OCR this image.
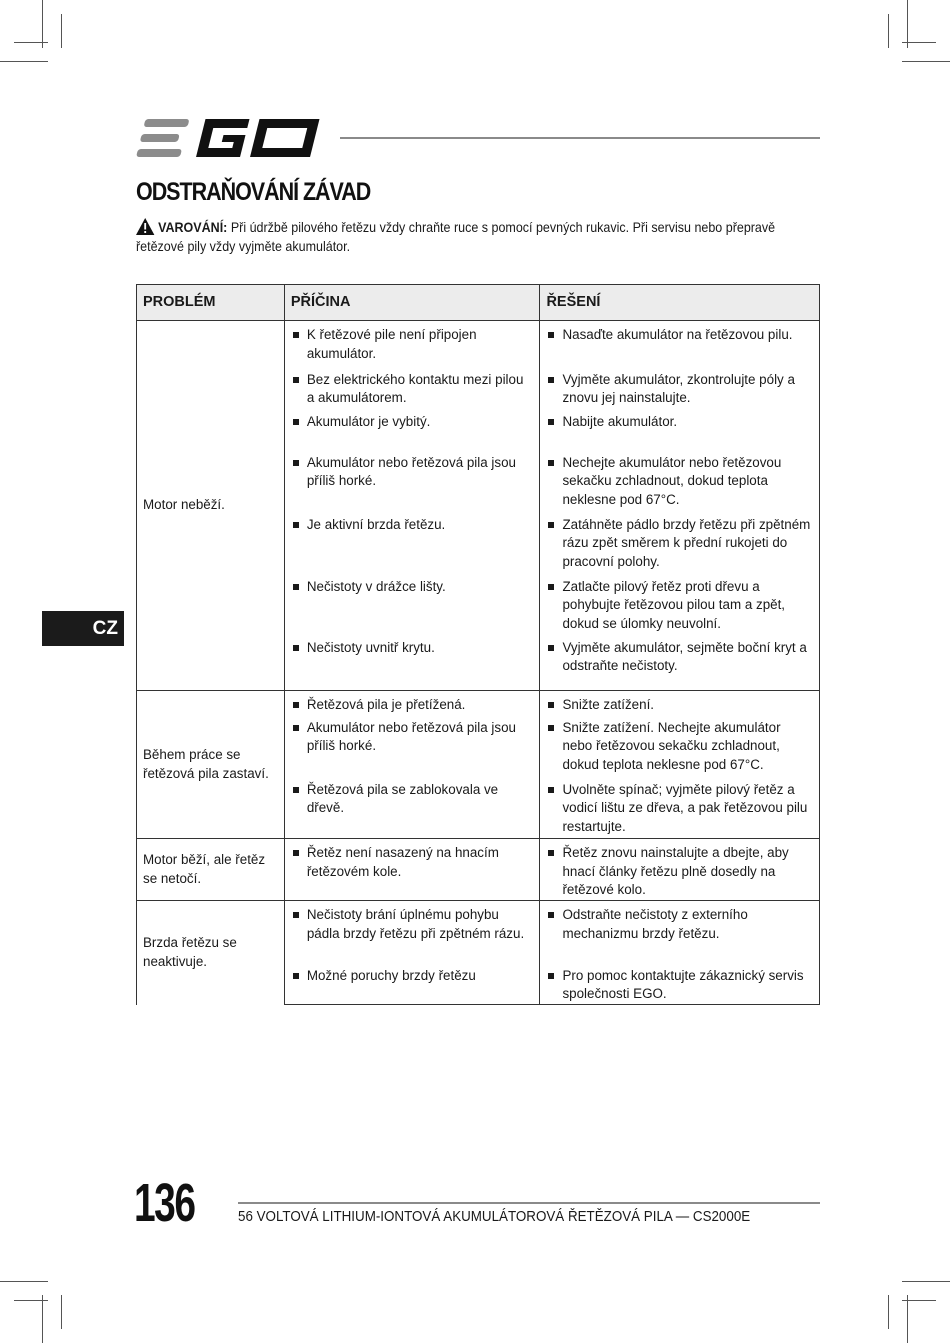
ODSTRAŇOVÁNÍ ZÁVAD
VAROVÁNÍ: Při údržbě pilového řetězu vždy chraňte ruce s pomocí pevných rukavic. Při servisu nebo přepravě řetězové pily vždy vyjměte akumulátor.
CZ
PROBLÉM	PŘÍČINA	ŘEŠENÍ
Motor neběží.	K řetězové pile není připojen akumulátor.	Nasaďte akumulátor na řetězovou pilu.

Bez elektrického kontaktu mezi pilou a akumulátorem.	Vyjměte akumulátor, zkontrolujte póly a znovu jej nainstalujte.

Akumulátor je vybitý.	Nabijte akumulátor.

Akumulátor nebo řetězová pila jsou příliš horké.	Nechejte akumulátor nebo řetězovou sekačku zchladnout, dokud teplota neklesne pod 67°C.

Je aktivní brzda řetězu.	Zatáhněte pádlo brzdy řetězu při zpětném rázu zpět směrem k přední rukojeti do pracovní polohy.

Nečistoty v drážce lišty.	Zatlačte pilový řetěz proti dřevu a pohybujte řetězovou pilou tam a zpět, dokud se úlomky neuvolní.

Nečistoty uvnitř krytu.	Vyjměte akumulátor, sejměte boční kryt a odstraňte nečistoty.

Během práce se řetězová pila zastaví.	Řetězová pila je přetížená.	Snižte zatížení.

Akumulátor nebo řetězová pila jsou příliš horké.	Snižte zatížení. Nechejte akumulátor nebo řetězovou sekačku zchladnout, dokud teplota neklesne pod 67°C.

Řetězová pila se zablokovala ve dřevě.	Uvolněte spínač; vyjměte pilový řetěz a vodicí lištu ze dřeva, a pak řetězovou pilu restartujte.

Motor běží, ale řetěz se netočí.	Řetěz není nasazený na hnacím řetězovém kole.	Řetěz znovu nainstalujte a dbejte, aby hnací články řetězu plně dosedly na řetězové kolo.

Brzda řetězu se neaktivuje.	Nečistoty brání úplnému pohybu pádla brzdy řetězu při zpětném rázu.	Odstraňte nečistoty z externího mechanizmu brzdy řetězu.

Možné poruchy brzdy řetězu	Pro pomoc kontaktujte zákaznický servis společnosti EGO.
136	56 VOLTOVÁ LITHIUM-IONTOVÁ AKUMULÁTOROVÁ ŘETĚZOVÁ PILA — CS2000E
